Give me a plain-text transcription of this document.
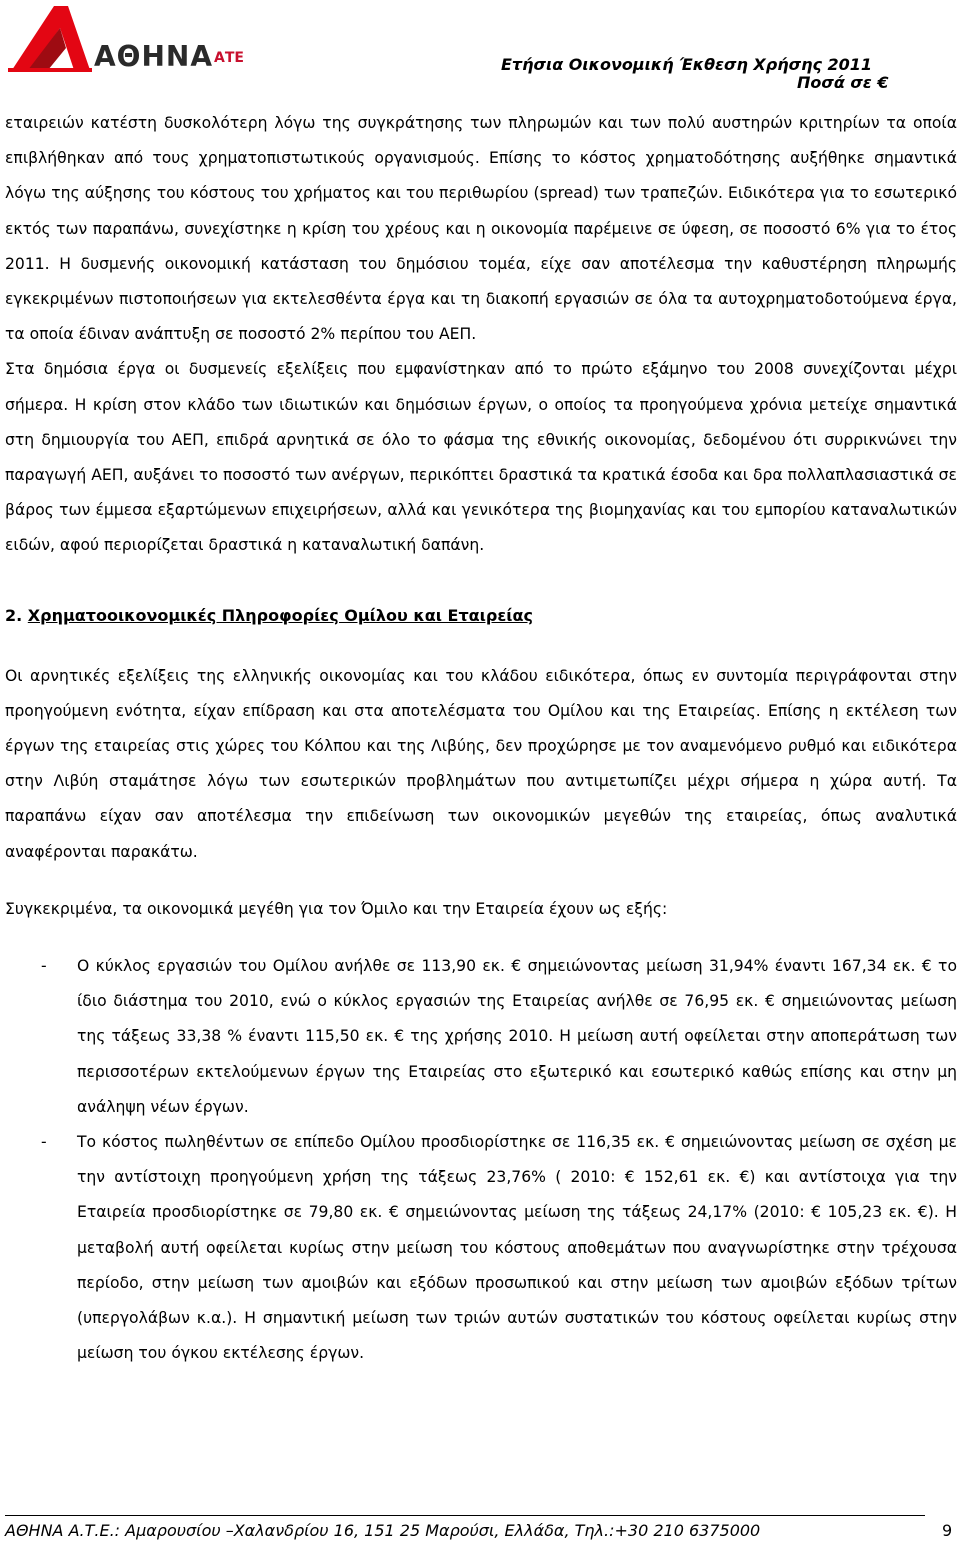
ΑΘΗΝΑ ΑΤΕ	Ετήσια Οικονομική Έκθεση Χρήσης 2011
Ποσά σε €

εταιρειών κατέστη δυσκολότερη λόγω της συγκράτησης των πληρωμών και των πολύ αυστηρών κριτηρίων τα οποία επιβλήθηκαν από τους χρηματοπιστωτικούς οργανισμούς. Επίσης το κόστος χρηματοδότησης αυξήθηκε σημαντικά λόγω της αύξησης του κόστους του χρήματος και του περιθωρίου (spread) των τραπεζών. Ειδικότερα για το εσωτερικό εκτός των παραπάνω, συνεχίστηκε η κρίση του χρέους και η οικονομία παρέμεινε σε ύφεση, σε ποσοστό 6% για το έτος 2011. Η δυσμενής οικονομική κατάσταση του δημόσιου τομέα, είχε σαν αποτέλεσμα την καθυστέρηση πληρωμής εγκεκριμένων πιστοποιήσεων για εκτελεσθέντα έργα και τη διακοπή εργασιών σε όλα τα αυτοχρηματοδοτούμενα έργα, τα οποία έδιναν ανάπτυξη σε ποσοστό 2% περίπου του ΑΕΠ.

Στα δημόσια έργα οι δυσμενείς εξελίξεις που εμφανίστηκαν από το πρώτο εξάμηνο του 2008 συνεχίζονται μέχρι σήμερα. Η κρίση στον κλάδο των ιδιωτικών και δημόσιων έργων, ο οποίος τα προηγούμενα χρόνια μετείχε σημαντικά στη δημιουργία του ΑΕΠ, επιδρά αρνητικά σε όλο το φάσμα της εθνικής οικονομίας, δεδομένου ότι συρρικνώνει την παραγωγή ΑΕΠ, αυξάνει το ποσοστό των ανέργων, περικόπτει δραστικά τα κρατικά έσοδα και δρα πολλαπλασιαστικά σε βάρος των έμμεσα εξαρτώμενων επιχειρήσεων, αλλά και γενικότερα της βιομηχανίας και του εμπορίου καταναλωτικών ειδών, αφού περιορίζεται δραστικά η καταναλωτική δαπάνη.

2. Χρηματοοικονομικές Πληροφορίες Ομίλου και Εταιρείας

Οι αρνητικές εξελίξεις της ελληνικής οικονομίας και του κλάδου ειδικότερα, όπως εν συντομία περιγράφονται στην προηγούμενη ενότητα, είχαν επίδραση και στα αποτελέσματα του Ομίλου και της Εταιρείας. Επίσης η εκτέλεση των έργων της εταιρείας στις χώρες του Κόλπου και της Λιβύης, δεν προχώρησε με τον αναμενόμενο ρυθμό και ειδικότερα στην Λιβύη σταμάτησε λόγω των εσωτερικών προβλημάτων που αντιμετωπίζει μέχρι σήμερα η χώρα αυτή. Τα παραπάνω είχαν σαν αποτέλεσμα την επιδείνωση των οικονομικών μεγεθών της εταιρείας, όπως αναλυτικά αναφέρονται παρακάτω.

Συγκεκριμένα, τα οικονομικά μεγέθη για τον Όμιλο και την Εταιρεία έχουν ως εξής:

- Ο κύκλος εργασιών του Ομίλου ανήλθε σε 113,90 εκ. € σημειώνοντας μείωση 31,94% έναντι 167,34 εκ. € το ίδιο διάστημα του 2010, ενώ ο κύκλος εργασιών της Εταιρείας ανήλθε σε 76,95 εκ. € σημειώνοντας μείωση της τάξεως 33,38 % έναντι 115,50 εκ. € της χρήσης 2010. Η μείωση αυτή οφείλεται στην αποπεράτωση των περισσοτέρων εκτελούμενων έργων της Εταιρείας στο εξωτερικό και εσωτερικό καθώς επίσης και στην μη ανάληψη νέων έργων.
- Το κόστος πωληθέντων σε επίπεδο Ομίλου προσδιορίστηκε σε 116,35 εκ. € σημειώνοντας μείωση σε σχέση με την αντίστοιχη προηγούμενη χρήση της τάξεως 23,76% ( 2010: € 152,61 εκ. €) και αντίστοιχα για την Εταιρεία προσδιορίστηκε σε 79,80 εκ. € σημειώνοντας μείωση της τάξεως 24,17% (2010: € 105,23 εκ. €). Η μεταβολή αυτή οφείλεται κυρίως στην μείωση του κόστους αποθεμάτων που αναγνωρίστηκε στην τρέχουσα περίοδο, στην μείωση των αμοιβών και εξόδων προσωπικού και στην μείωση των αμοιβών εξόδων τρίτων (υπεργολάβων κ.α.). Η σημαντική μείωση των τριών αυτών συστατικών του κόστους οφείλεται κυρίως στην μείωση του όγκου εκτέλεσης έργων.
ΑΘΗΝΑ Α.Τ.Ε.: Αμαρουσίου –Χαλανδρίου 16, 151 25 Μαρούσι, Ελλάδα, Τηλ.:+30 210 6375000	9
